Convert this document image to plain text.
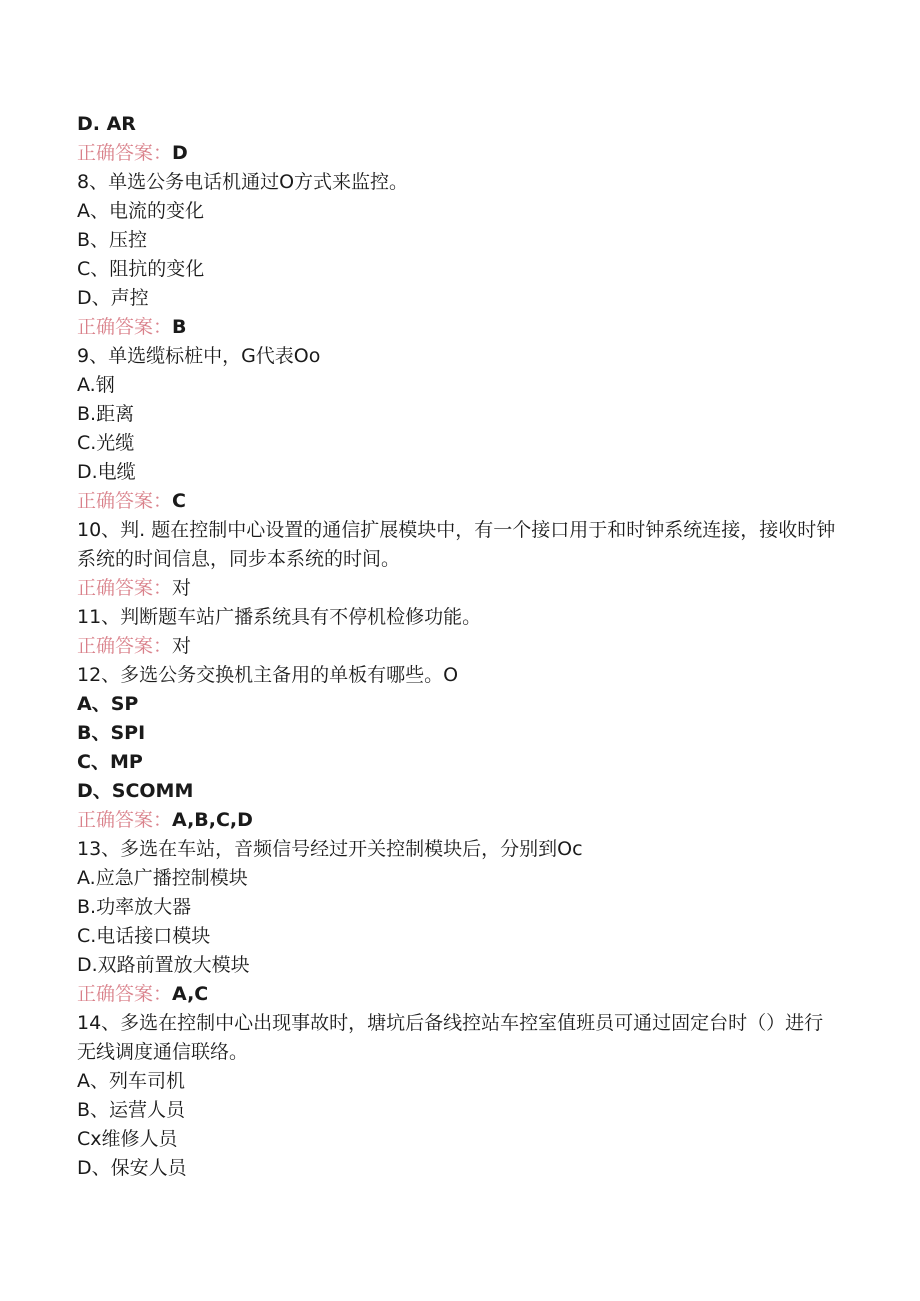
D. AR
正确答案：D
8、单选公务电话机通过O方式来监控。
A、电流的变化
B、压控
C、阻抗的变化
D、声控
正确答案：B
9、单选缆标桩中，G代表Oo
A.钢
B.距离
C.光缆
D.电缆
正确答案：C
10、判. 题在控制中心设置的通信扩展模块中，有一个接口用于和时钟系统连接，接收时钟系统的时间信息，同步本系统的时间。
正确答案：对
11、判断题车站广播系统具有不停机检修功能。
正确答案：对
12、多选公务交换机主备用的单板有哪些。O
A、SP
B、SPI
C、MP
D、SCOMM
正确答案：A,B,C,D
13、多选在车站，音频信号经过开关控制模块后，分别到Oc
A.应急广播控制模块
B.功率放大器
C.电话接口模块
D.双路前置放大模块
正确答案：A,C
14、多选在控制中心出现事故时，塘坑后备线控站车控室值班员可通过固定台时（）进行无线调度通信联络。
A、列车司机
B、运营人员
Cx维修人员
D、保安人员
